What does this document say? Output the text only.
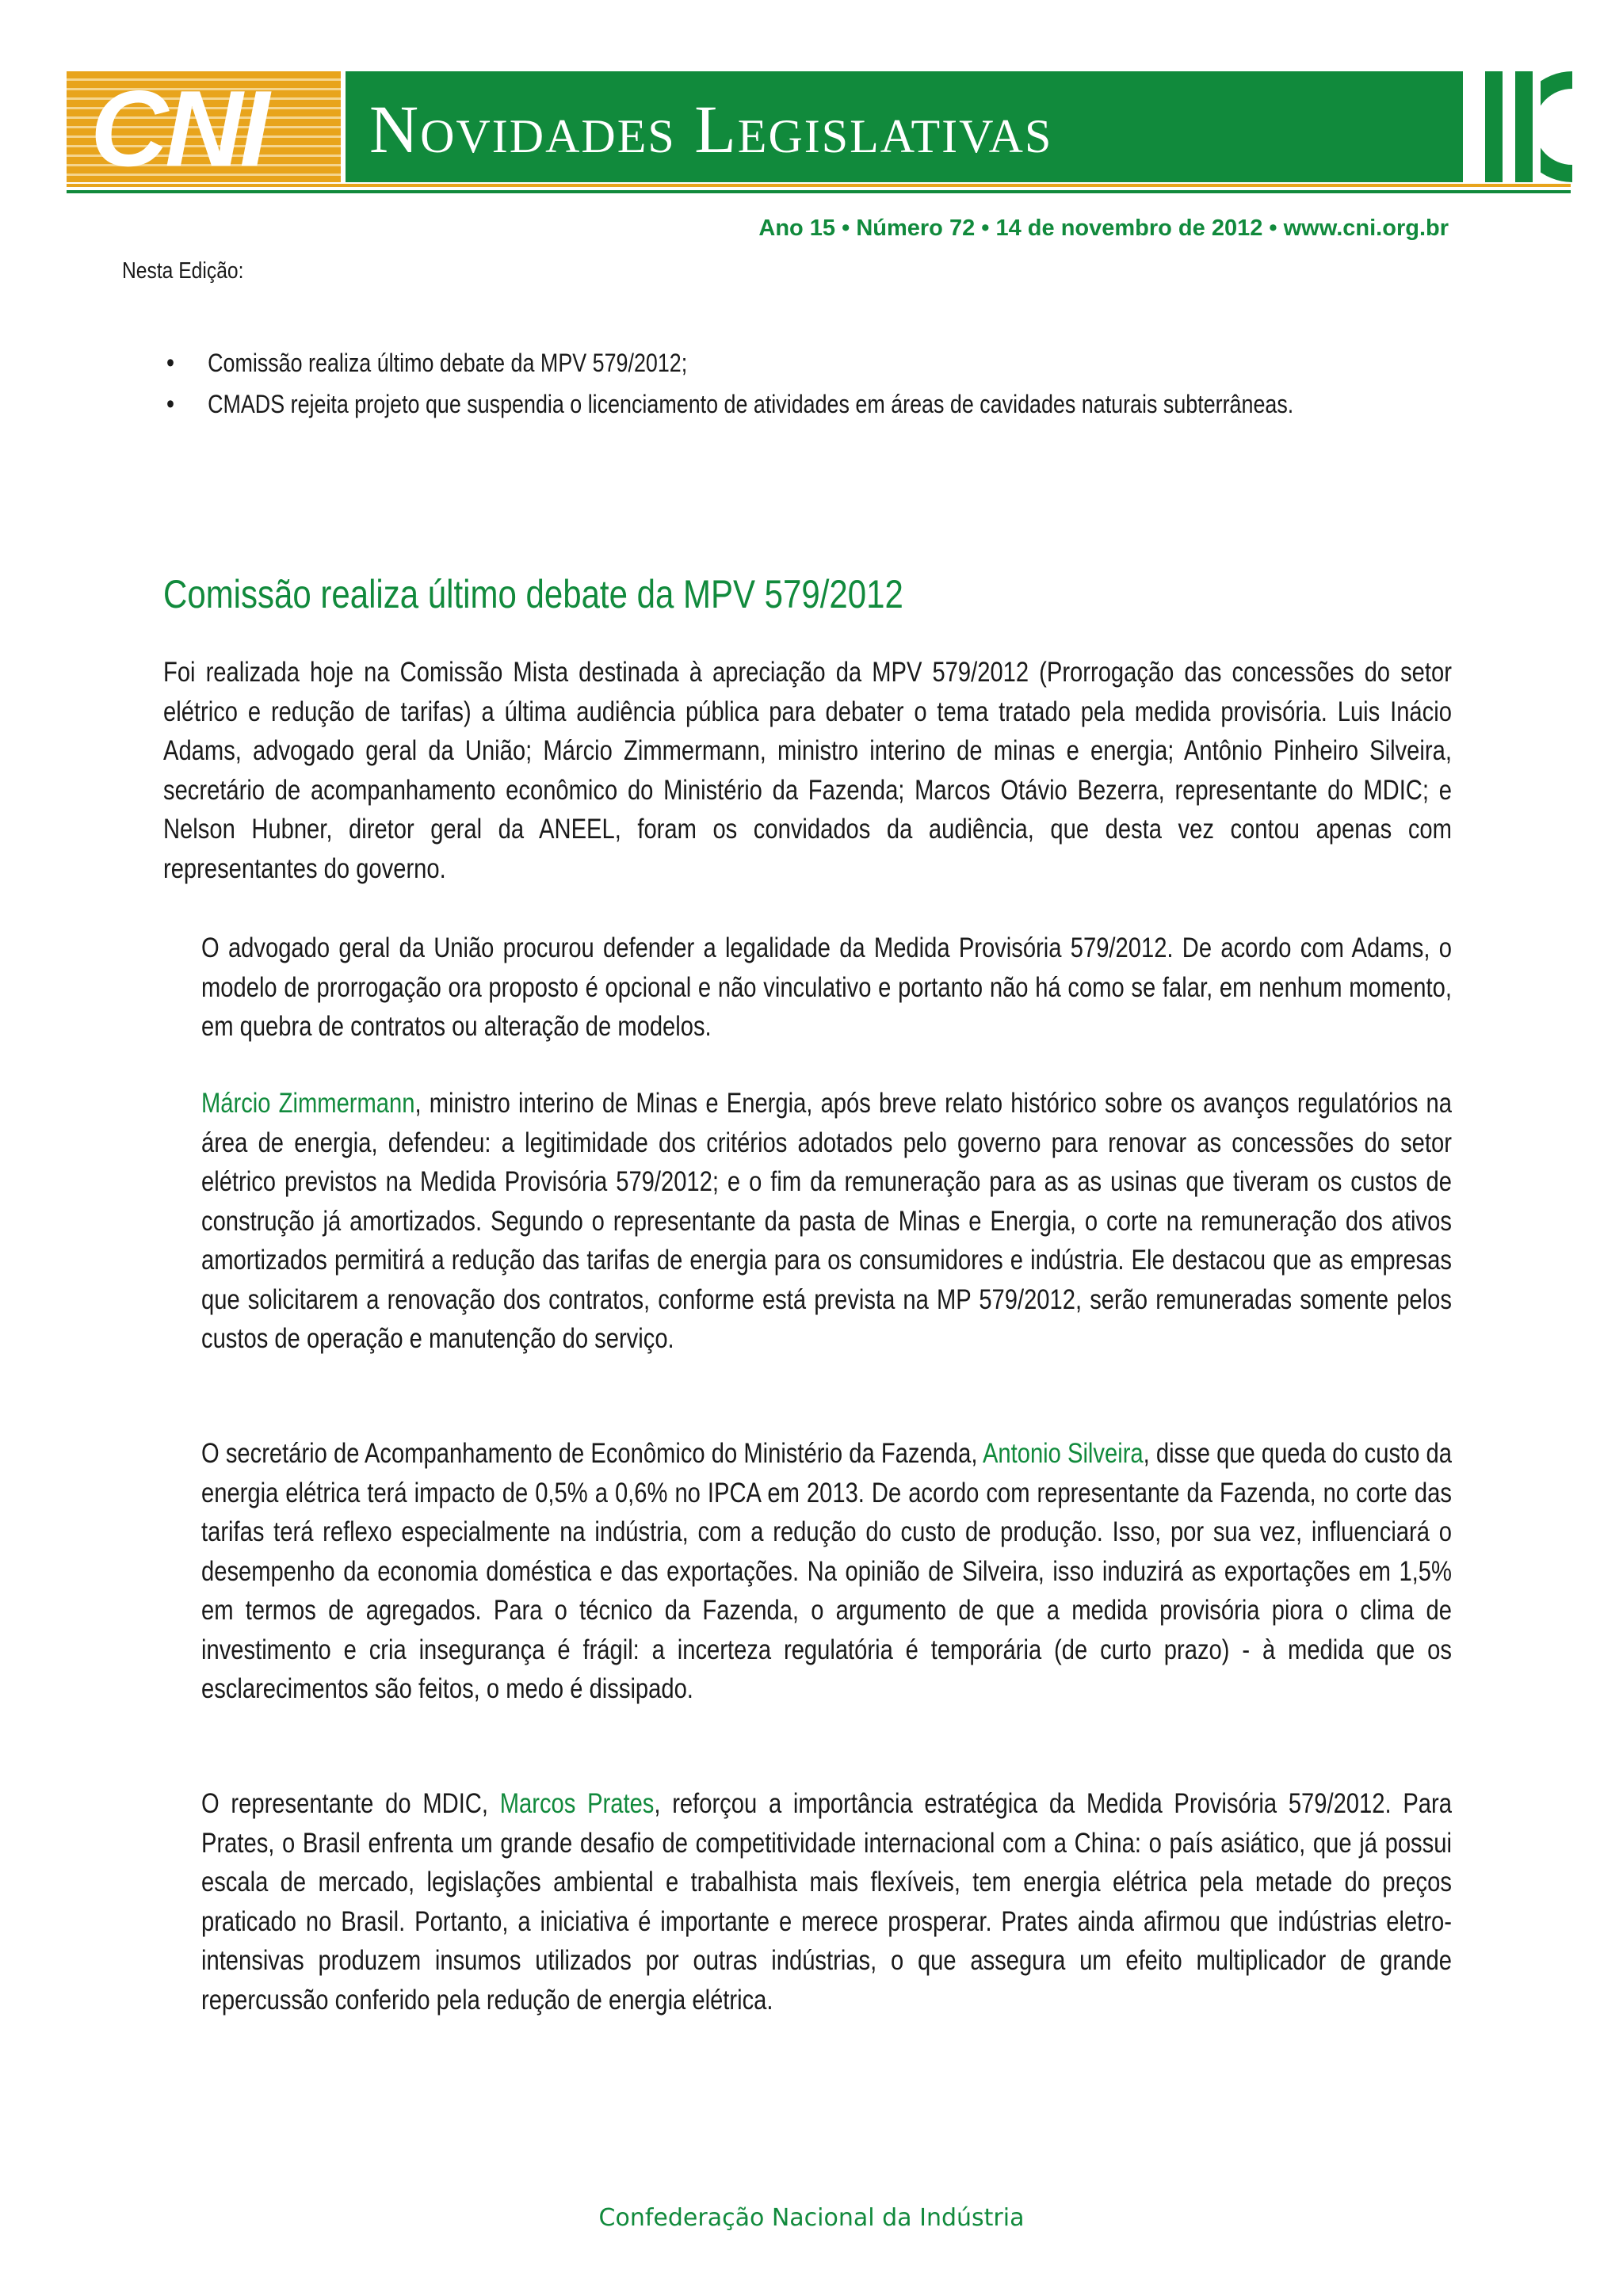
CNI Novidades Legislativas
Ano 15 • Número 72 • 14 de novembro de 2012 • www.cni.org.br
Nesta Edição:
• Comissão realiza último debate da MPV 579/2012;
• CMADS rejeita projeto que suspendia o licenciamento de atividades em áreas de cavidades naturais subterrâneas.
Comissão realiza último debate da MPV 579/2012
Foi realizada hoje na Comissão Mista destinada à apreciação da MPV 579/2012 (Prorrogação das concessões do setor elétrico e redução de tarifas) a última audiência pública para debater o tema tratado pela medida provisória. Luis Inácio Adams, advogado geral da União; Márcio Zimmermann, ministro interino de minas e energia; Antônio Pinheiro Silveira, secretário de acompanhamento econômico do Ministério da Fazenda; Marcos Otávio Bezerra, representante do MDIC; e Nelson Hubner, diretor geral da ANEEL, foram os convidados da audiência, que desta vez contou apenas com representantes do governo.
O advogado geral da União procurou defender a legalidade da Medida Provisória 579/2012. De acordo com Adams, o modelo de prorrogação ora proposto é opcional e não vinculativo e portanto não há como se falar, em nenhum momento, em quebra de contratos ou alteração de modelos.
Márcio Zimmermann, ministro interino de Minas e Energia, após breve relato histórico sobre os avanços regulatórios na área de energia, defendeu: a legitimidade dos critérios adotados pelo governo para renovar as concessões do setor elétrico previstos na Medida Provisória 579/2012; e o fim da remuneração para as as usinas que tiveram os custos de construção já amortizados. Segundo o representante da pasta de Minas e Energia, o corte na remuneração dos ativos amortizados permitirá a redução das tarifas de energia para os consumidores e indústria. Ele destacou que as empresas que solicitarem a renovação dos contratos, conforme está prevista na MP 579/2012, serão remuneradas somente pelos custos de operação e manutenção do serviço.
O secretário de Acompanhamento de Econômico do Ministério da Fazenda, Antonio Silveira, disse que queda do custo da energia elétrica terá impacto de 0,5% a 0,6% no IPCA em 2013. De acordo com representante da Fazenda, no corte das tarifas terá reflexo especialmente na indústria, com a redução do custo de produção. Isso, por sua vez, influenciará o desempenho da economia doméstica e das exportações. Na opinião de Silveira, isso induzirá as exportações em 1,5% em termos de agregados. Para o técnico da Fazenda, o argumento de que a medida provisória piora o clima de investimento e cria insegurança é frágil: a incerteza regulatória é temporária (de curto prazo) - à medida que os esclarecimentos são feitos, o medo é dissipado.
O representante do MDIC, Marcos Prates, reforçou a importância estratégica da Medida Provisória 579/2012. Para Prates, o Brasil enfrenta um grande desafio de competitividade internacional com a China: o país asiático, que já possui escala de mercado, legislações ambiental e trabalhista mais flexíveis, tem energia elétrica pela metade do preços praticado no Brasil. Portanto, a iniciativa é importante e merece prosperar. Prates ainda afirmou que indústrias eletro-intensivas produzem insumos utilizados por outras indústrias, o que assegura um efeito multiplicador de grande repercussão conferido pela redução de energia elétrica.
Confederação Nacional da Indústria
